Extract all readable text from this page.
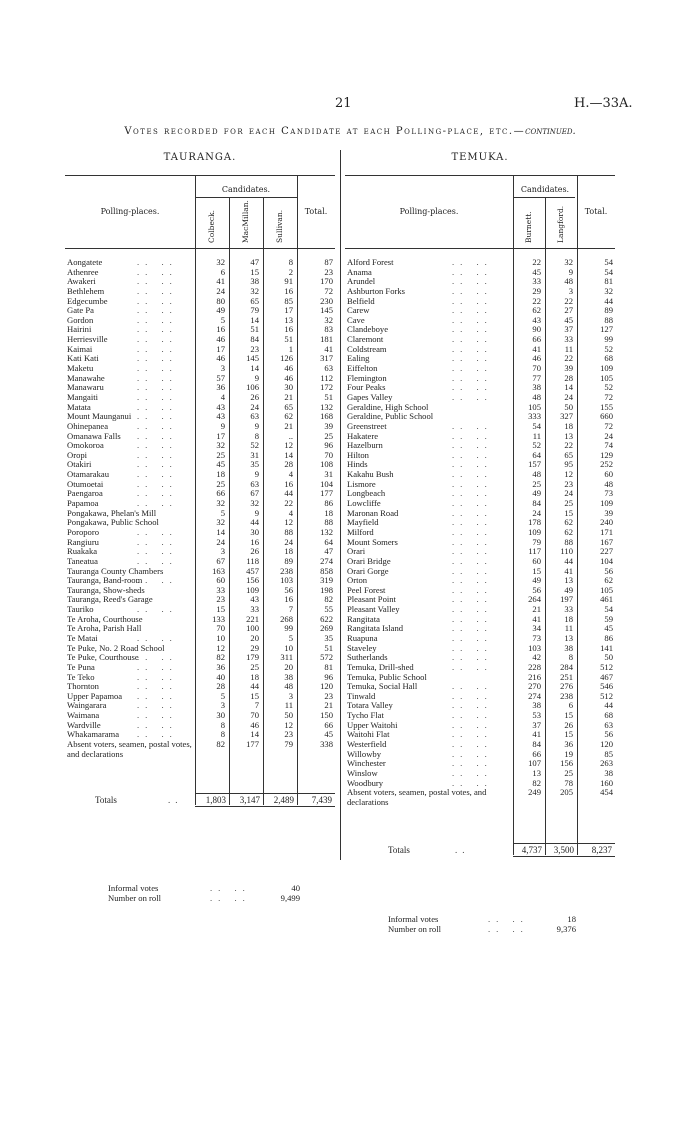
21	H.—33A.
Votes recorded for each Candidate at each Polling-place, etc.—continued.
TAURANGA.	TEMUKA.
Polling-places.
Candidates.
Colbeck.	MacMillan.	Sullivan.	Total.	Polling-places.
Candidates.
Burnett.	Langford.	Total.
Aongatete	.. ..	32	47	8	87
Athenree	.. ..	6	15	2	23
Awakeri	.. ..	41	38	91	170
Bethlehem	.. ..	24	32	16	72
Edgecumbe	.. ..	80	65	85	230
Gate Pa	.. ..	49	79	17	145
Gordon	.. ..	5	14	13	32
Hairini	.. ..	16	51	16	83
Herriesville	.. ..	46	84	51	181
Kaimai	.. ..	17	23	1	41
Kati Kati	.. ..	46	145	126	317
Maketu	.. ..	3	14	46	63
Manawahe	.. ..	57	9	46	112
Manawaru	.. ..	36	106	30	172
Mangaiti	.. ..	4	26	21	51
Matata	.. ..	43	24	65	132
Mount Maunganui .. ..	43	63	62	168
Ohinepanea	.. ..	9	9	21	39
Omanawa Falls .. ..	17	8	..	25
Omokoroa	.. ..	32	52	12	96
Oropi	.. ..	25	31	14	70
Otakiri	.. ..	45	35	28	108
Otamarakau	.. ..	18	9	4	31
Otumoetai	.. ..	25	63	16	104
Paengaroa	.. ..	66	67	44	177
Papamoa	.. ..	32	32	22	86
Pongakawa, Phelan's Mill	5	9	4	18
Pongakawa, Public School	32	44	12	88
Poroporo	.. ..	14	30	88	132
Rangiuru	.. ..	24	16	24	64
Ruakaka	.. ..	3	26	18	47
Taneatua	.. ..	67	118	89	274
Tauranga County Chambers	163	457	238	858
Tauranga, Band-room
.. ..	60	156	103	319
Tauranga, Show-sheds	33	109	56	198
Tauranga, Reed's Garage	23	43	16	82
Tauriko	.. ..	15	33	7	55
Te Aroha, Courthouse	133	221	268	622
Te Aroha, Parish Hall	70	100	99	269
Te Matai	.. ..	10	20	5	35
Te Puke, No. 2 Road School	12	29	10	51
Te Puke, Courthouse
.. ..	82	179	311	572
Te Puna	.. ..	36	25	20	81
Te Teko	.. ..	40	18	38	96
Thornton	.. ..	28	44	48	120
Upper Papamoa .. ..	5	15	3	23
Waingarara	.. ..	3	7	11	21
Waimana	.. ..	30	70	50	150
Wardville	.. ..	8	46	12	66
Whakamarama .. ..	8	14	23	45
Absent voters, seamen, postal votes, and declarations
82	177	79	338
Alford Forest	.. ..	22	32	54
Anama	.. ..	45	9	54
Arundel	.. ..	33	48	81
Ashburton Forks	.. ..	29	3	32
Belfield	.. ..	22	22	44
Carew	.. ..	62	27	89
Cave	.. ..	43	45	88
Clandeboye	.. ..	90	37	127
Claremont	.. ..	66	33	99
Coldstream	.. ..	41	11	52
Ealing	.. ..	46	22	68
Eiffelton	.. ..	70	39	109
Flemington	.. ..	77	28	105
Four Peaks	.. ..	38	14	52
Gapes Valley	.. ..	48	24	72
Geraldine, High School	105	50	155
Geraldine, Public School	333	327	660
Greenstreet	.. ..	54	18	72
Hakatere	.. ..	11	13	24
Hazelburn	.. ..	52	22	74
Hilton	.. ..	64	65	129
Hinds	.. ..	157	95	252
Kakahu Bush	.. ..	48	12	60
Lismore	.. ..	25	23	48
Longbeach	.. ..	49	24	73
Lowcliffe	.. ..	84	25	109
Maronan Road	.. ..	24	15	39
Mayfield	.. ..	178	62	240
Milford	.. ..	109	62	171
Mount Somers	.. ..	79	88	167
Orari	.. ..	117	110	227
Orari Bridge	.. ..	60	44	104
Orari Gorge	.. ..	15	41	56
Orton	.. ..	49	13	62
Peel Forest	.. ..	56	49	105
Pleasant Point	.. ..	264	197	461
Pleasant Valley	.. ..	21	33	54
Rangitata	.. ..	41	18	59
Rangitata Island	.. ..	34	11	45
Ruapuna	.. ..	73	13	86
Staveley	.. ..	103	38	141
Sutherlands	.. ..	42	8	50
Temuka, Drill-shed	.. ..	228	284	512
Temuka, Public School	216	251	467
Temuka, Social Hall	.. ..	270	276	546
Tinwald	.. ..	274	238	512
Totara Valley	.. ..	38	6	44
Tycho Flat	.. ..	53	15	68
Upper Waitohi	.. ..	37	26	63
Waitohi Flat	.. ..	41	15	56
Westerfield	.. ..	84	36	120
Willowby	.. ..	66	19	85
Winchester	.. ..	107	156	263
Winslow	.. ..	13	25	38
Woodbury	.. ..	82	78	160
Absent voters, seamen, postal votes, and declarations
249	205	454
Totals	..	1,803	3,147	2,489	7,439
Totals	..	4,737	3,500	8,237
Informal votes	.. ..	40
Number on roll	.. ..	9,499
Informal votes	.. ..	18
Number on roll	.. ..	9,376
